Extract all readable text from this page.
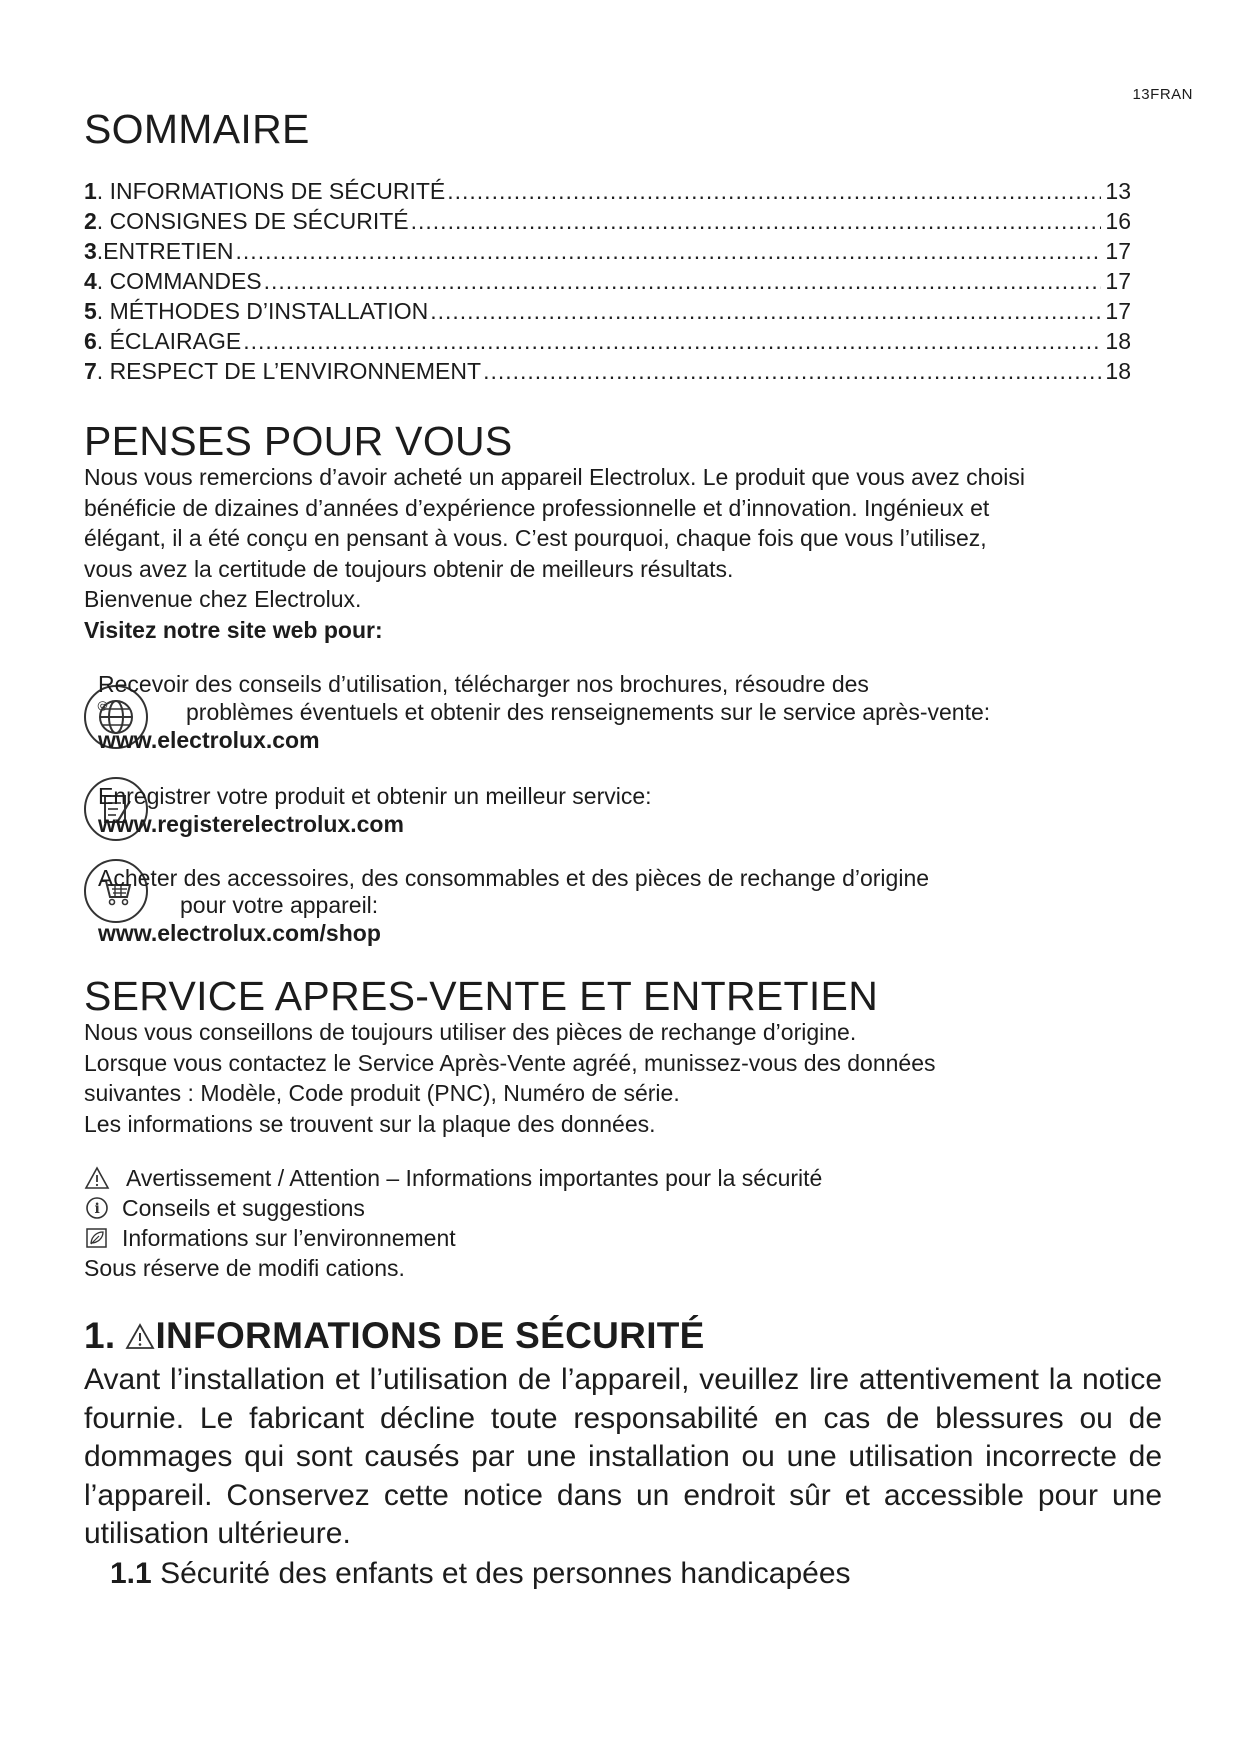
13FRAN
SOMMAIRE
1. INFORMATIONS DE SÉCURITÉ .....	13
2. CONSIGNES DE SÉCURITÉ .....	16
3.ENTRETIEN .....	17
4. COMMANDES .....	17
5. MÉTHODES D’INSTALLATION .....	17
6. ÉCLAIRAGE .....	18
7. RESPECT DE L’ENVIRONNEMENT .....	18
PENSES POUR VOUS

Nous vous remercions d’avoir acheté un appareil Electrolux. Le produit que vous avez choisi

bénéficie de dizaines d’années d’expérience professionnelle et d’innovation. Ingénieux et

élégant, il a été conçu en pensant à vous. C’est pourquoi, chaque fois que vous l’utilisez,

vous avez la certitude de toujours obtenir de meilleurs résultats.

Bienvenue chez Electrolux.

Visitez notre site web pour:

@
Recevoir des conseils d’utilisation, télécharger nos brochures, résoudre des
problèmes éventuels et obtenir des renseignements sur le service après-vente:
www.electrolux.com
Enregistrer votre produit et obtenir un meilleur service:
www.registerelectrolux.com
Acheter des accessoires, des consommables et des pièces de rechange d’origine
pour votre appareil:
www.electrolux.com/shop
SERVICE APRES-VENTE ET ENTRETIEN

Nous vous conseillons de toujours utiliser des pièces de rechange d’origine.

Lorsque vous contactez le Service Après-Vente agréé, munissez-vous des données

suivantes : Modèle, Code produit (PNC), Numéro de série.

Les informations se trouvent sur la plaque des données.

Avertissement / Attention – Informations importantes pour la sécurité
i Conseils et suggestions
Informations sur l’environnement
Sous réserve de modifi cations.
1. INFORMATIONS DE SÉCURITÉ

Avant l’installation et l’utilisation de l’appareil, veuillez lire attentivement la notice fournie. Le fabricant décline toute responsabilité en cas de blessures ou de dommages qui sont causés par une installation ou une utilisation incorrecte de l’appareil. Conservez cette notice dans un endroit sûr et accessible pour une utilisation ultérieure.

1.1 Sécurité des enfants et des personnes handicapées
